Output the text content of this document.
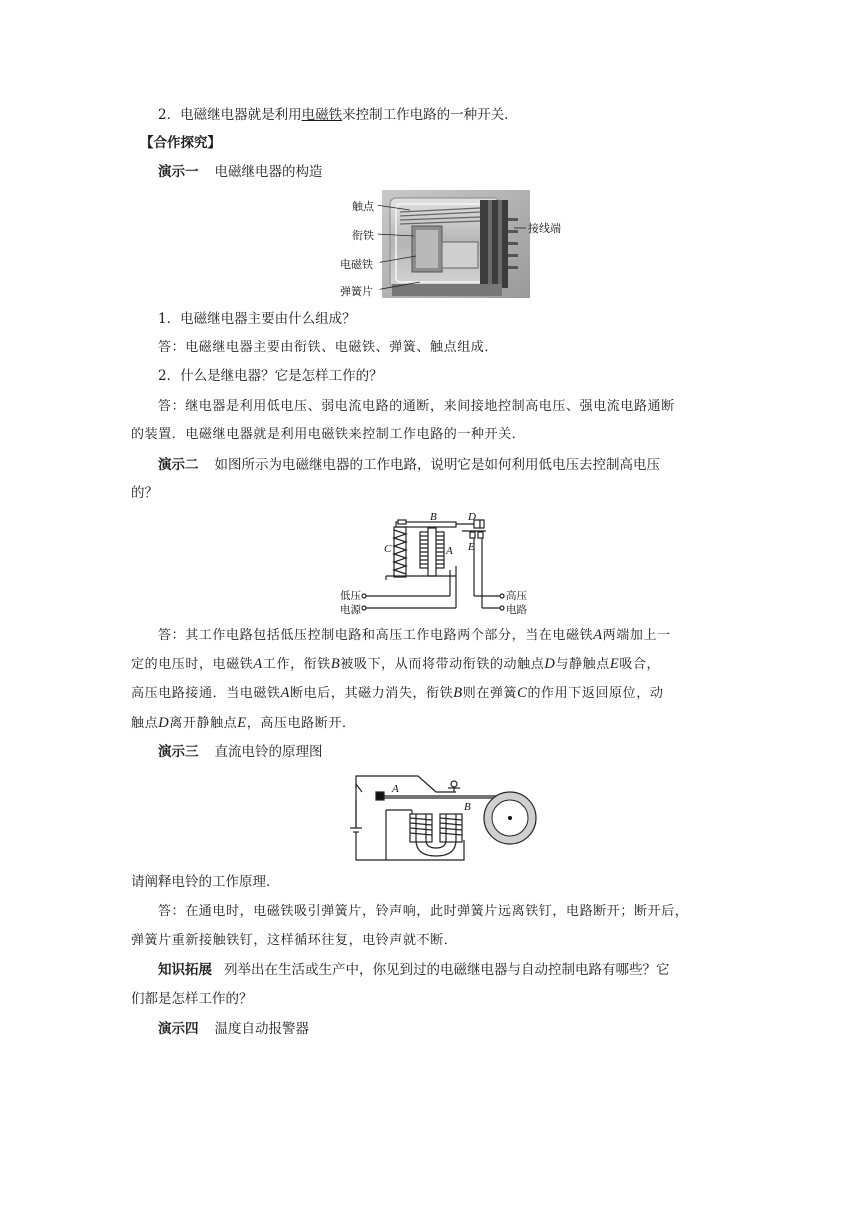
2．电磁继电器就是利用电磁铁来控制工作电路的一种开关．
【合作探究】
演示一 电磁继电器的构造
触点
衔铁
电磁铁
弹簧片
接线端
1．电磁继电器主要由什么组成？
答：电磁继电器主要由衔铁、电磁铁、弹簧、触点组成．
2．什么是继电器？它是怎样工作的？
答：继电器是利用低电压、弱电流电路的通断，来间接地控制高电压、强电流电路通断
的装置．电磁继电器就是利用电磁铁来控制工作电路的一种开关．
演示二 如图所示为电磁继电器的工作电路，说明它是如何利用低电压去控制高电压
的？
B	D
C	A E
低压
电源
高压
电路
答：其工作电路包括低压控制电路和高压工作电路两个部分，当在电磁铁A两端加上一
定的电压时，电磁铁A工作，衔铁B被吸下，从而将带动衔铁的动触点D与静触点E吸合，
高压电路接通．当电磁铁A断电后，其磁力消失，衔铁B则在弹簧C的作用下返回原位，动
触点D离开静触点E，高压电路断开．
演示三 直流电铃的原理图
A
B
请阐释电铃的工作原理．
答：在通电时，电磁铁吸引弹簧片，铃声响，此时弹簧片远离铁钉，电路断开；断开后，
弹簧片重新接触铁钉，这样循环往复，电铃声就不断．
知识拓展 列举出在生活或生产中，你见到过的电磁继电器与自动控制电路有哪些？它
们都是怎样工作的？
演示四 温度自动报警器
